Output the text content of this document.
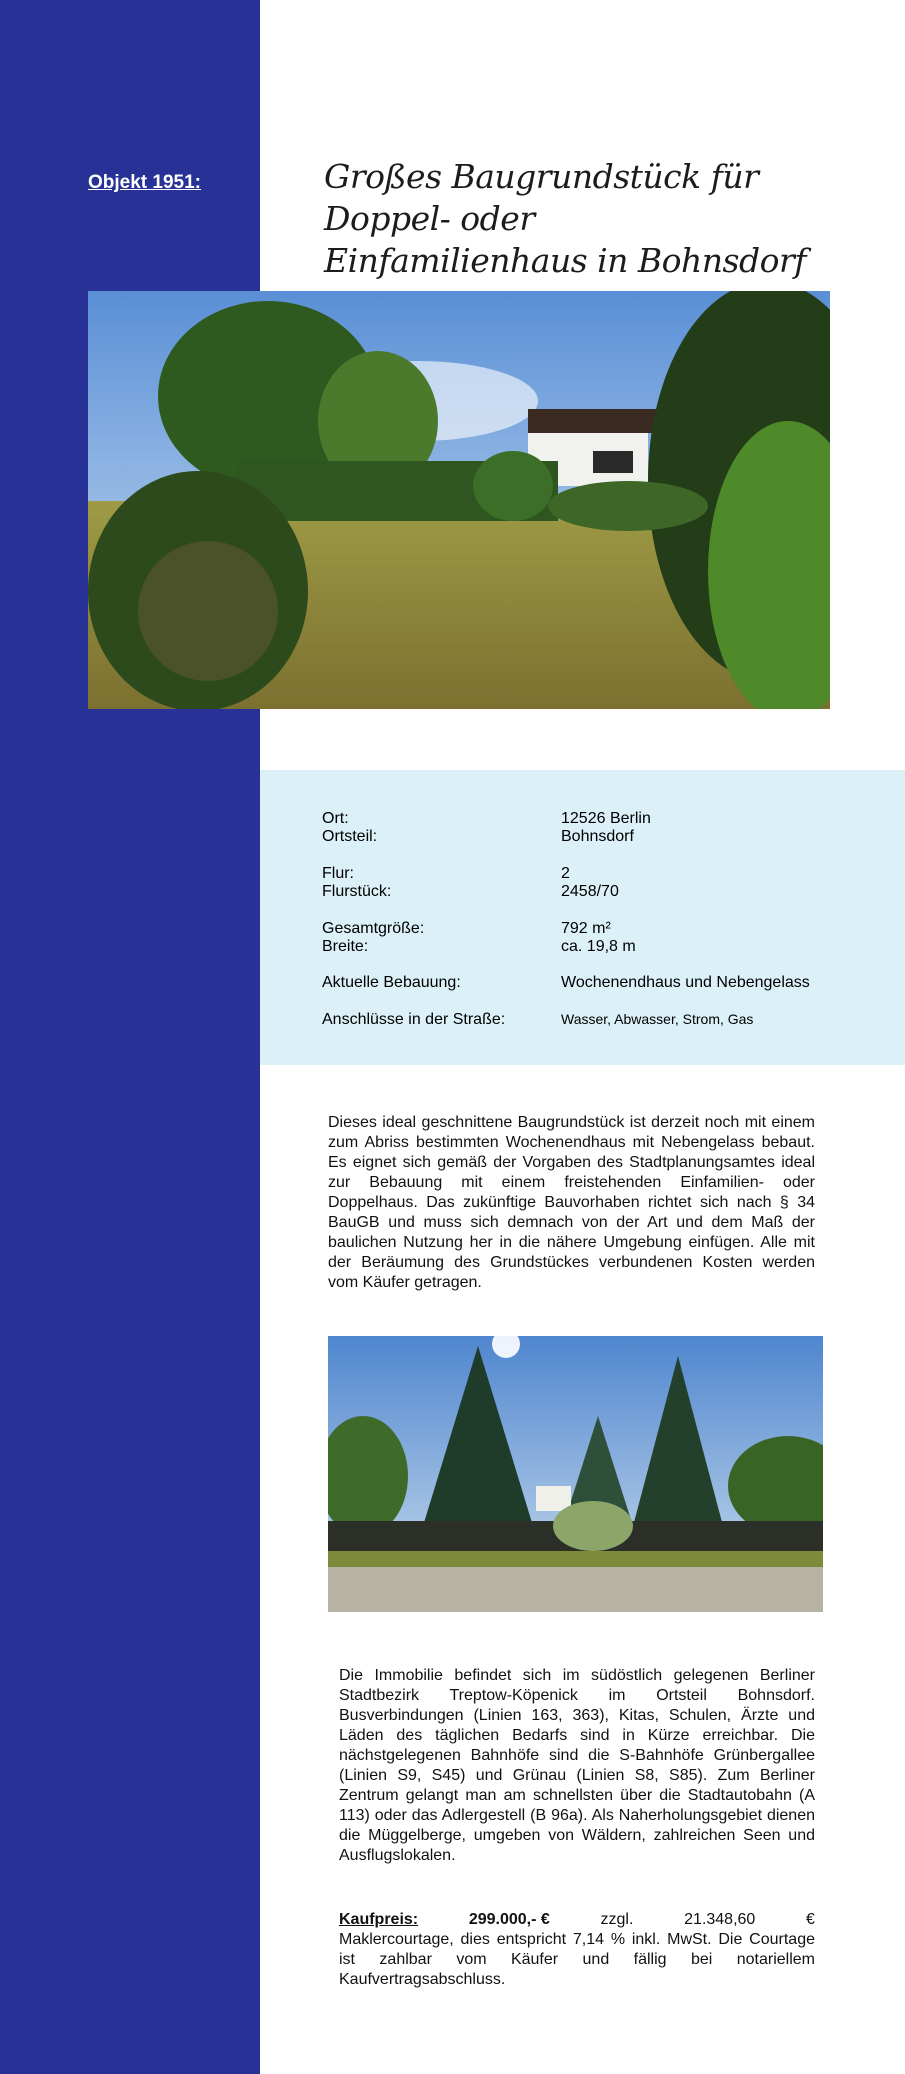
Objekt 1951:	Großes Baugrundstück für Doppel- oder
Einfamilienhaus in Bohnsdorf
Ort:	12526 Berlin
Ortsteil:	Bohnsdorf
Flur:	2
Flurstück:	2458/70
Gesamtgröße:	792 m²
Breite:	ca. 19,8 m
Aktuelle Bebauung:	Wochenendhaus und Nebengelass
Anschlüsse in der Straße:	Wasser, Abwasser, Strom, Gas
Dieses ideal geschnittene Baugrundstück ist derzeit noch mit einem zum Abriss bestimmten Wochenendhaus mit Nebengelass bebaut. Es eignet sich gemäß der Vorgaben des Stadtplanungsamtes ideal zur Bebauung mit einem freistehenden Einfamilien- oder Doppelhaus. Das zukünftige Bauvorhaben richtet sich nach § 34 BauGB und muss sich demnach von der Art und dem Maß der baulichen Nutzung her in die nähere Umgebung einfügen. Alle mit der Beräumung des Grundstückes verbundenen Kosten werden vom Käufer getragen.
Die Immobilie befindet sich im südöstlich gelegenen Berliner Stadtbezirk Treptow-Köpenick im Ortsteil Bohnsdorf. Busverbindungen (Linien 163, 363), Kitas, Schulen, Ärzte und Läden des täglichen Bedarfs sind in Kürze erreichbar. Die nächstgelegenen Bahnhöfe sind die S-Bahnhöfe Grünbergallee (Linien S9, S45) und Grünau (Linien S8, S85). Zum Berliner Zentrum gelangt man am schnellsten über die Stadtautobahn (A 113) oder das Adlergestell (B 96a). Als Naherholungsgebiet dienen die Müggelberge, umgeben von Wäldern, zahlreichen Seen und Ausflugslokalen.
Kaufpreis:	299.000,- €	zzgl.	21.348,60	€
Maklercourtage, dies entspricht 7,14 % inkl. MwSt. Die Courtage ist zahlbar vom Käufer und fällig bei notariellem Kaufvertragsabschluss.
